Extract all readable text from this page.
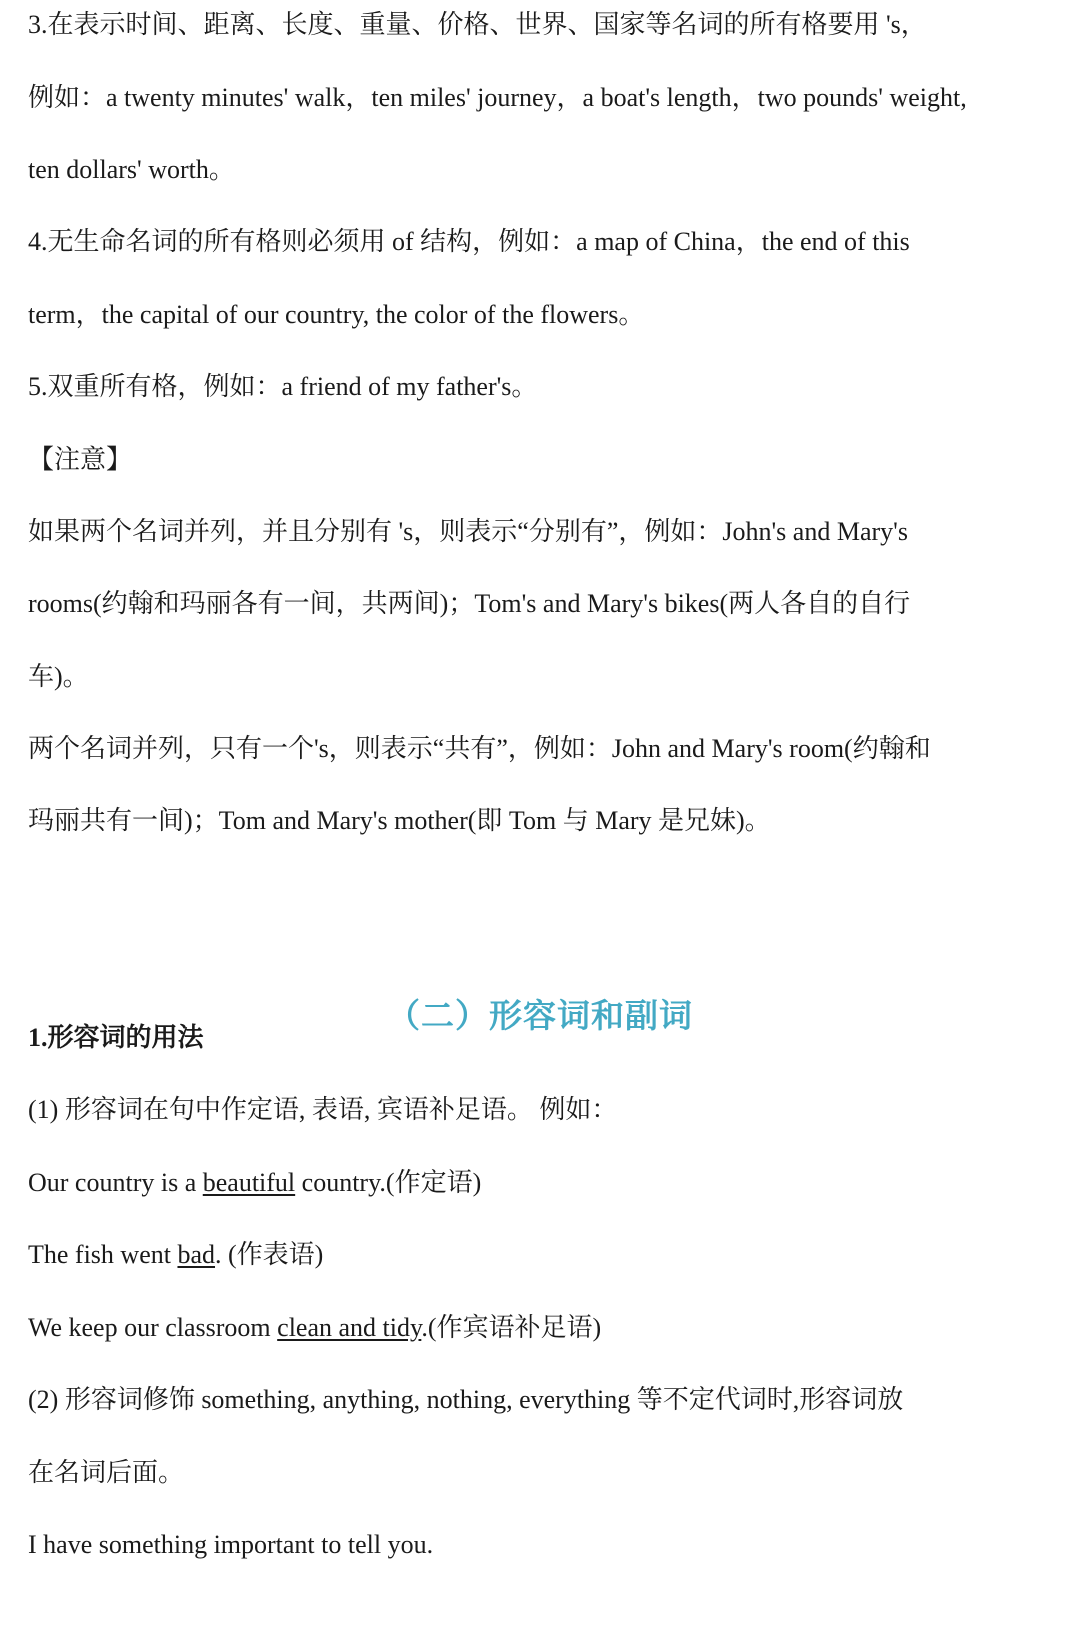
3.在表示时间、距离、长度、重量、价格、世界、国家等名词的所有格要用 's，
例如：a twenty minutes' walk，ten miles' journey，a boat's length，two pounds' weight,
ten dollars' worth。
4.无生命名词的所有格则必须用 of 结构，例如：a map of China，the end of this
term，the capital of our country, the color of the flowers。
5.双重所有格，例如：a friend of my father's。
【注意】
如果两个名词并列，并且分别有 's，则表示“分别有”，例如：John's and Mary's
rooms(约翰和玛丽各有一间，共两间)；Tom's and Mary's bikes(两人各自的自行
车)。
两个名词并列，只有一个's，则表示“共有”，例如：John and Mary's room(约翰和
玛丽共有一间)；Tom and Mary's mother(即 Tom 与 Mary 是兄妹)。
（二）形容词和副词
1.形容词的用法
(1) 形容词在句中作定语, 表语, 宾语补足语。 例如：
Our country is a beautiful country.(作定语)
The fish went bad. (作表语)
We keep our classroom clean and tidy.(作宾语补足语)
(2) 形容词修饰 something, anything, nothing, everything 等不定代词时,形容词放
在名词后面。
I have something important to tell you.
